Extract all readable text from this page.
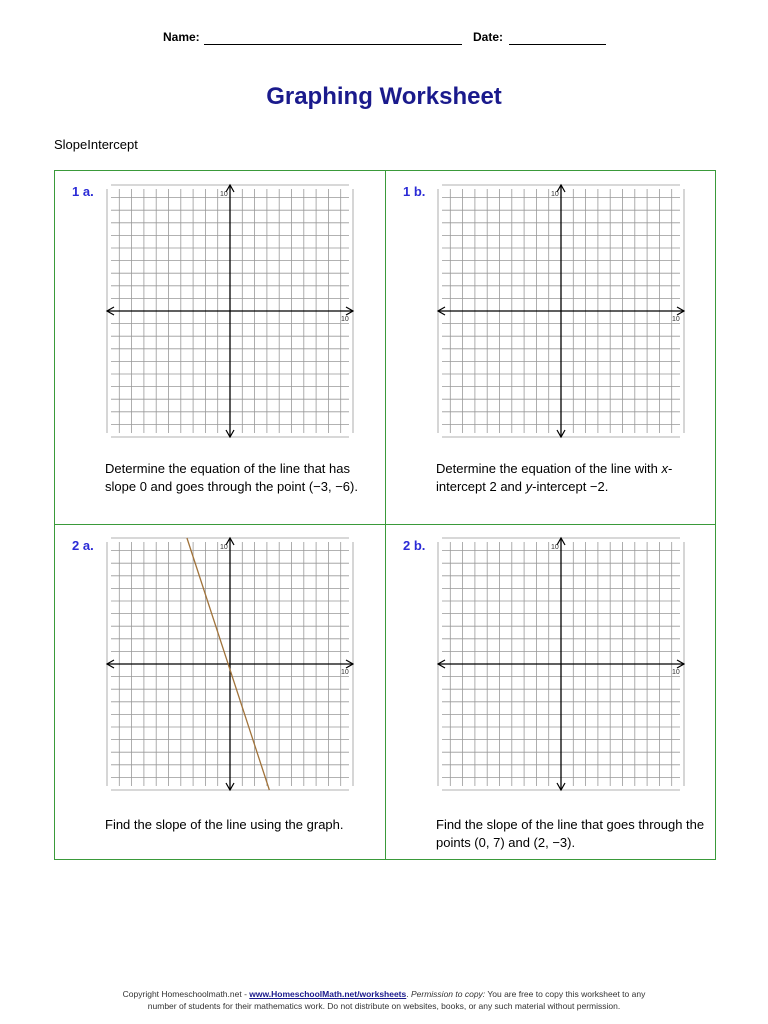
Name:	Date:
Graphing Worksheet
SlopeIntercept
1 a.	10
10
Determine the equation of the line that has slope 0 and goes through the point (−3, −6).
1 b.	10
10
Determine the equation of the line with x-intercept 2 and y-intercept −2.
2 a.	10
10
Find the slope of the line using the graph.
2 b.	10
10
Find the slope of the line that goes through the points (0, 7) and (2, −3).
Copyright Homeschoolmath.net - www.HomeschoolMath.net/worksheets. Permission to copy: You are free to copy this worksheet to any
number of students for their mathematics work. Do not distribute on websites, books, or any such material without permission.
